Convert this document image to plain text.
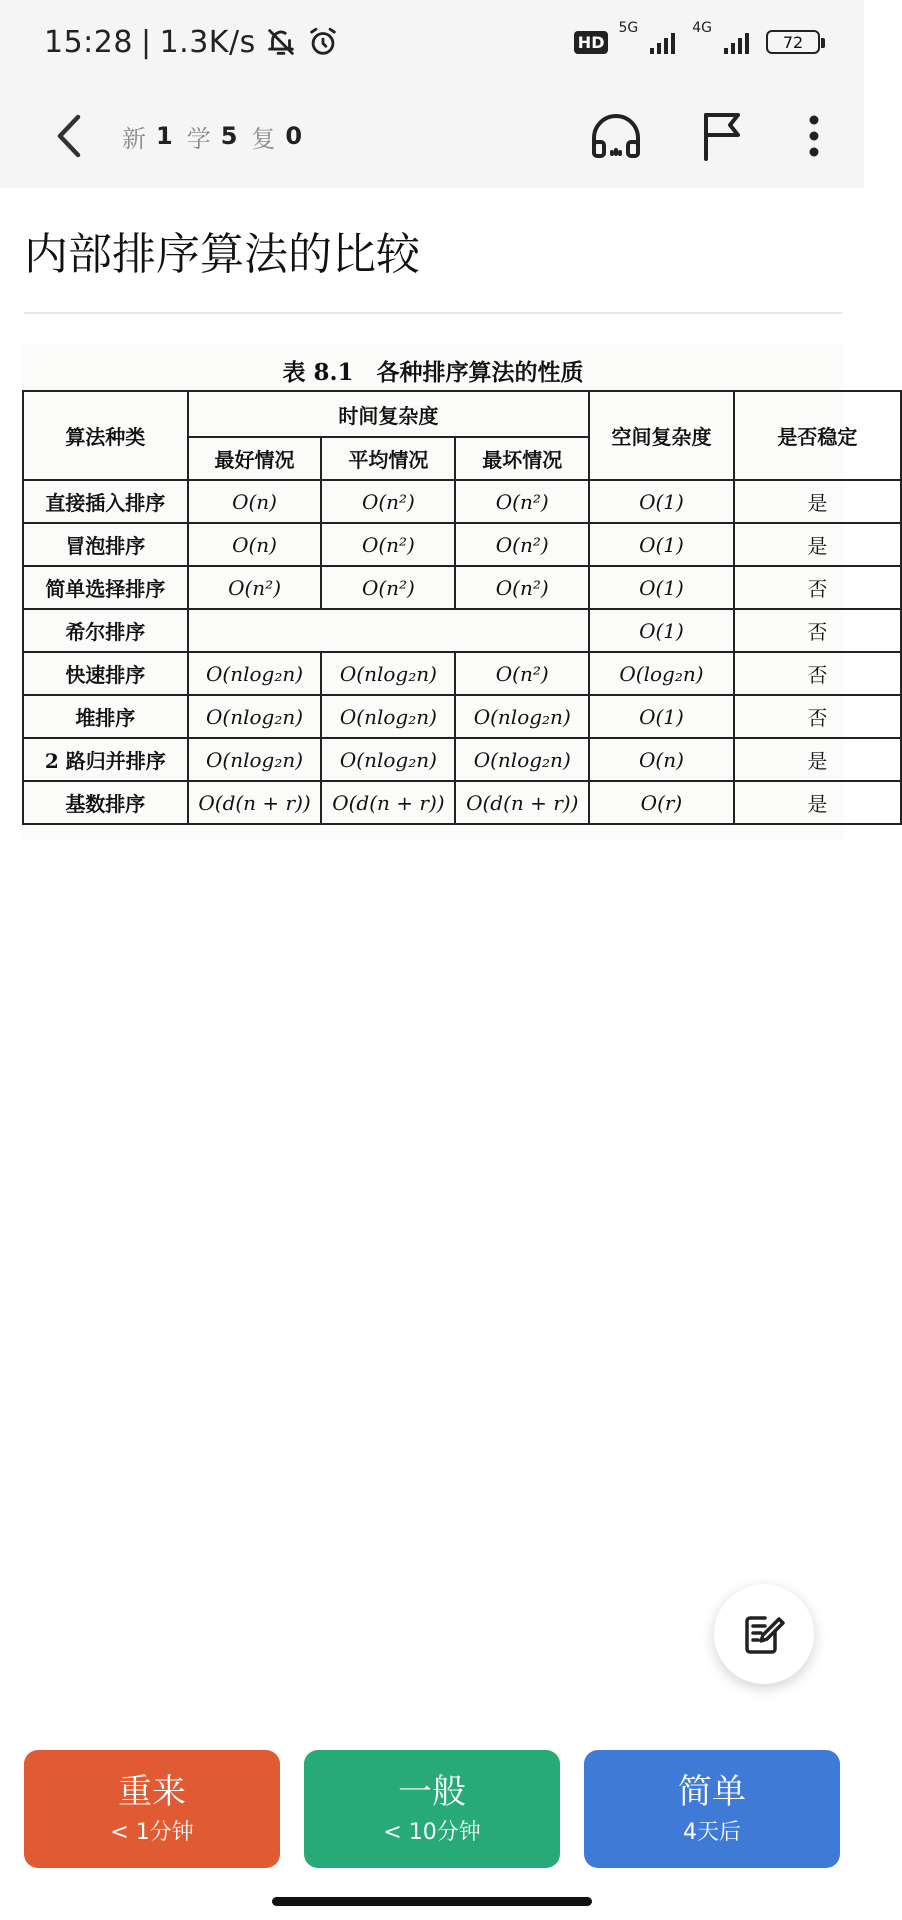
15:28 | 1.3K/s	HD
5G	4G
72
新 1 学 5 复 0
内部排序算法的比较
表 8.1　各种排序算法的性质
算法种类	时间复杂度			空间复杂度	是否稳定
	最好情况	平均情况	最坏情况		
直接插入排序	O(n)	O(n²)	O(n²)	O(1)	是
冒泡排序	O(n)	O(n²)	O(n²)	O(1)	是
简单选择排序	O(n²)	O(n²)	O(n²)	O(1)	否
希尔排序				O(1)	否
快速排序	O(nlog₂n)	O(nlog₂n)	O(n²)	O(log₂n)	否
堆排序	O(nlog₂n)	O(nlog₂n)	O(nlog₂n)	O(1)	否
2 路归并排序	O(nlog₂n)	O(nlog₂n)	O(nlog₂n)	O(n)	是
基数排序	O(d(n + r))	O(d(n + r))	O(d(n + r))	O(r)	是
重来
< 1分钟
一般
< 10分钟
简单
4天后
